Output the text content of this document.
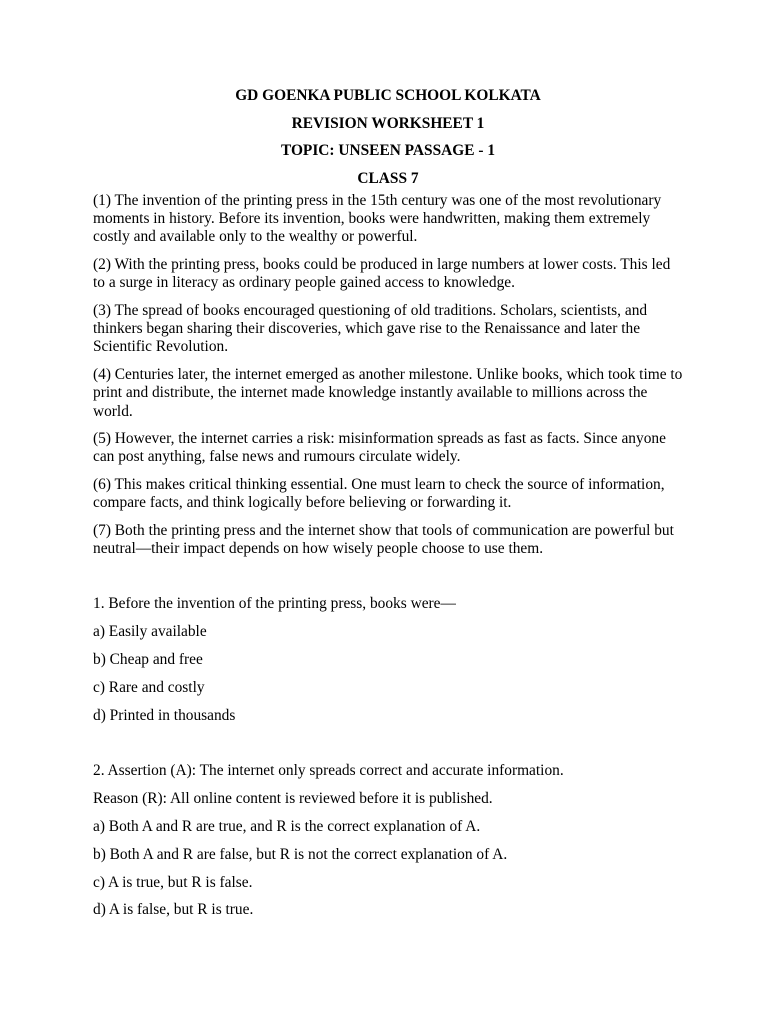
GD GOENKA PUBLIC SCHOOL KOLKATA
REVISION WORKSHEET 1
TOPIC: UNSEEN PASSAGE - 1
CLASS 7

(1) The invention of the printing press in the 15th century was one of the most revolutionary moments in history. Before its invention, books were handwritten, making them extremely costly and available only to the wealthy or powerful.

(2) With the printing press, books could be produced in large numbers at lower costs. This led to a surge in literacy as ordinary people gained access to knowledge.

(3) The spread of books encouraged questioning of old traditions. Scholars, scientists, and thinkers began sharing their discoveries, which gave rise to the Renaissance and later the Scientific Revolution.

(4) Centuries later, the internet emerged as another milestone. Unlike books, which took time to print and distribute, the internet made knowledge instantly available to millions across the world.

(5) However, the internet carries a risk: misinformation spreads as fast as facts. Since anyone can post anything, false news and rumours circulate widely.

(6) This makes critical thinking essential. One must learn to check the source of information, compare facts, and think logically before believing or forwarding it.

(7) Both the printing press and the internet show that tools of communication are powerful but neutral—their impact depends on how wisely people choose to use them.

1. Before the invention of the printing press, books were—

a) Easily available

b) Cheap and free

c) Rare and costly

d) Printed in thousands

2. Assertion (A): The internet only spreads correct and accurate information.

Reason (R): All online content is reviewed before it is published.

a) Both A and R are true, and R is the correct explanation of A.

b) Both A and R are false, but R is not the correct explanation of A.

c) A is true, but R is false.

d) A is false, but R is true.
